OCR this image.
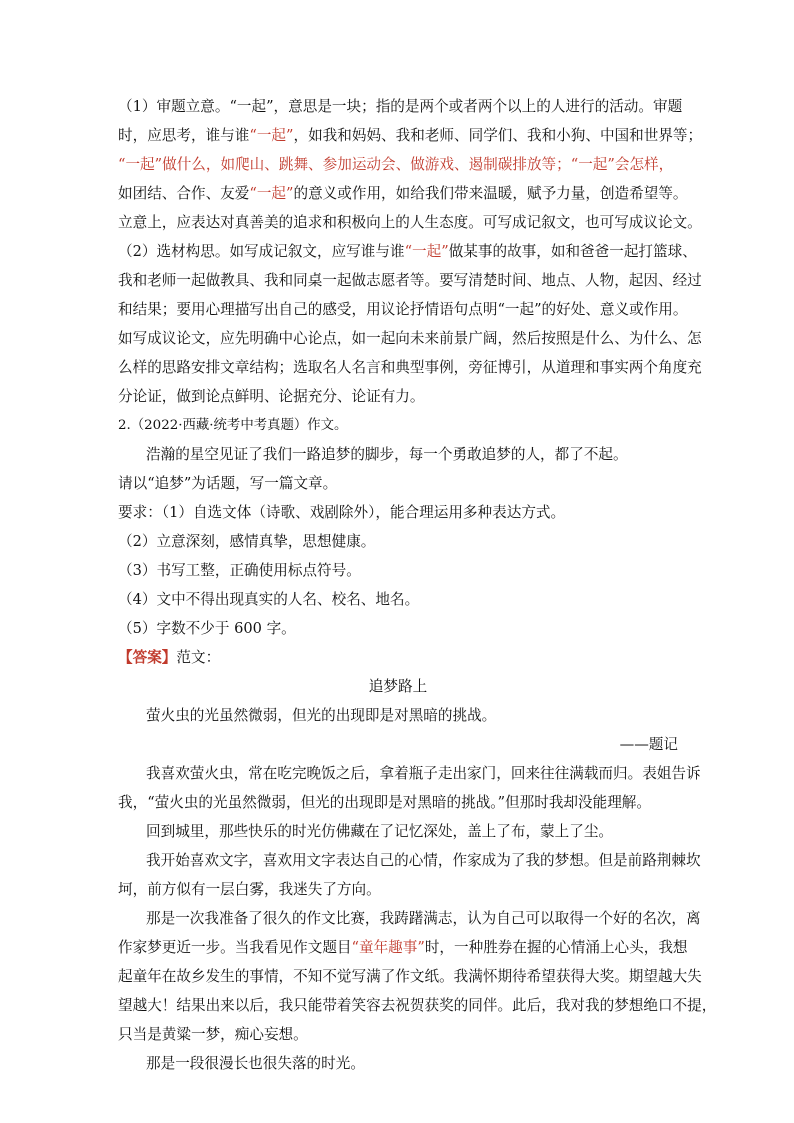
（1）审题立意。“一起”，意思是一块；指的是两个或者两个以上的人进行的活动。审题

时，应思考，谁与谁“一起”，如我和妈妈、我和老师、同学们、我和小狗、中国和世界等；

“一起”做什么，如爬山、跳舞、参加运动会、做游戏、遏制碳排放等；“一起”会怎样，

如团结、合作、友爱“一起”的意义或作用，如给我们带来温暖，赋予力量，创造希望等。

立意上，应表达对真善美的追求和积极向上的人生态度。可写成记叙文，也可写成议论文。

（2）选材构思。如写成记叙文，应写谁与谁“一起”做某事的故事，如和爸爸一起打篮球、

我和老师一起做教具、我和同桌一起做志愿者等。要写清楚时间、地点、人物，起因、经过

和结果；要用心理描写出自己的感受，用议论抒情语句点明“一起”的好处、意义或作用。

如写成议论文，应先明确中心论点，如一起向未来前景广阔，然后按照是什么、为什么、怎

么样的思路安排文章结构；选取名人名言和典型事例，旁征博引，从道理和事实两个角度充

分论证，做到论点鲜明、论据充分、论证有力。

2.（2022·西藏·统考中考真题）作文。

浩瀚的星空见证了我们一路追梦的脚步，每一个勇敢追梦的人，都了不起。

请以“追梦”为话题，写一篇文章。

要求：（1）自选文体（诗歌、戏剧除外），能合理运用多种表达方式。

（2）立意深刻，感情真挚，思想健康。

（3）书写工整，正确使用标点符号。

（4）文中不得出现真实的人名、校名、地名。

（5）字数不少于 600 字。

【答案】范文：

追梦路上

萤火虫的光虽然微弱，但光的出现即是对黑暗的挑战。

——题记

我喜欢萤火虫，常在吃完晚饭之后，拿着瓶子走出家门，回来往往满载而归。表姐告诉

我，“萤火虫的光虽然微弱，但光的出现即是对黑暗的挑战。”但那时我却没能理解。

回到城里，那些快乐的时光仿佛藏在了记忆深处，盖上了布，蒙上了尘。

我开始喜欢文字，喜欢用文字表达自己的心情，作家成为了我的梦想。但是前路荆棘坎

坷，前方似有一层白雾，我迷失了方向。

那是一次我准备了很久的作文比赛，我踌躇满志，认为自己可以取得一个好的名次，离

作家梦更近一步。当我看见作文题目“童年趣事”时，一种胜券在握的心情涌上心头，我想

起童年在故乡发生的事情，不知不觉写满了作文纸。我满怀期待希望获得大奖。期望越大失

望越大！结果出来以后，我只能带着笑容去祝贺获奖的同伴。此后，我对我的梦想绝口不提，

只当是黄粱一梦，痴心妄想。

那是一段很漫长也很失落的时光。
